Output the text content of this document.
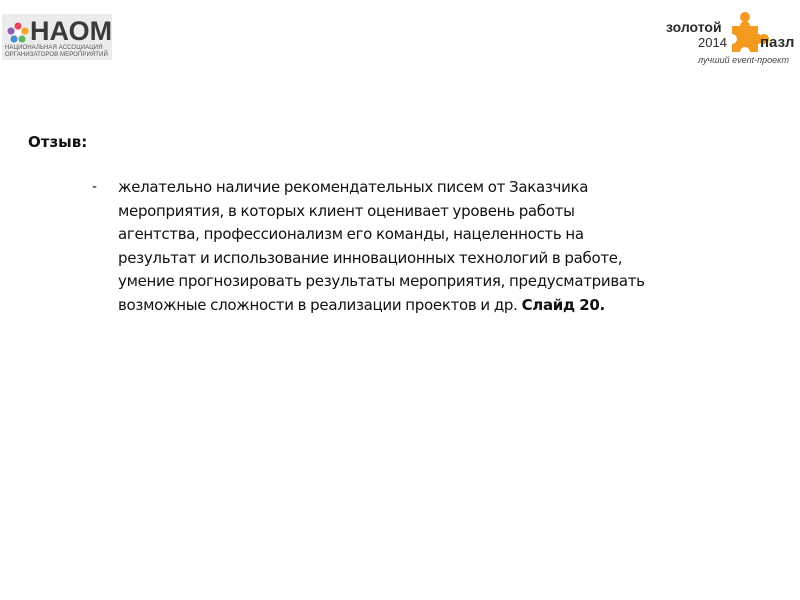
НАОМ
НАЦИОНАЛЬНАЯ АССОЦИАЦИЯ
ОРГАНИЗАТОРОВ МЕРОПРИЯТИЙ
золотой
2014 пазл
лучший event-проект
Отзыв:
- желательно наличие рекомендательных писем от Заказчика
мероприятия, в которых клиент оценивает уровень работы
агентства, профессионализм его команды, нацеленность на
результат и использование инновационных технологий в работе,
умение прогнозировать результаты мероприятия, предусматривать
возможные сложности в реализации проектов и др. Слайд 20.
